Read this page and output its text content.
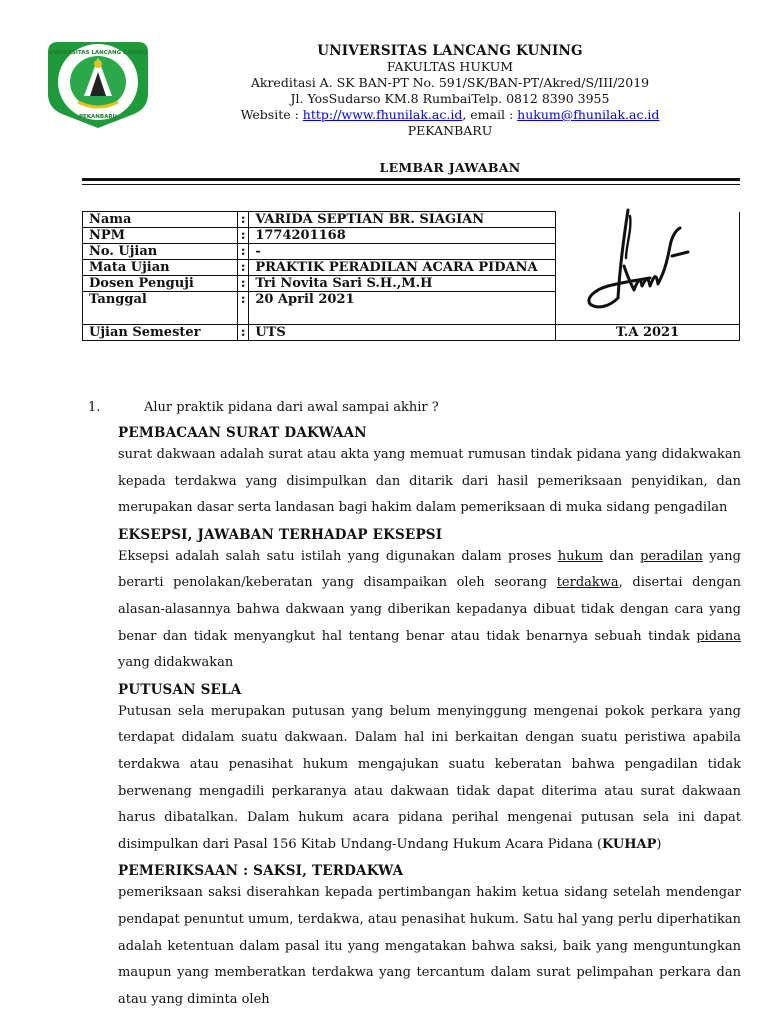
UNIVERSITAS LANCANG KUNING
PEKANBARU
UNIVERSITAS LANCANG KUNING
FAKULTAS HUKUM
Akreditasi A. SK BAN-PT No. 591/SK/BAN-PT/Akred/S/III/2019
Jl. YosSudarso KM.8 RumbaiTelp. 0812 8390 3955
Website : http://www.fhunilak.ac.id, email : hukum@fhunilak.ac.id
PEKANBARU
LEMBAR JAWABAN
Nama	:	VARIDA SEPTIAN BR. SIAGIAN	
NPM	:	1774201168	
No. Ujian	:	-	
Mata Ujian	:	PRAKTIK PERADILAN ACARA PIDANA	
Dosen Penguji	:	Tri Novita Sari S.H.,M.H	
Tanggal	:	20 April 2021	
Ujian Semester	:	UTS	T.A 2021
1.	Alur praktik pidana dari awal sampai akhir ?
PEMBACAAN SURAT DAKWAAN

surat dakwaan adalah surat atau akta yang memuat rumusan tindak pidana yang didakwakan kepada terdakwa yang disimpulkan dan ditarik dari hasil pemeriksaan penyidikan, dan merupakan dasar serta landasan bagi hakim dalam pemeriksaan di muka sidang pengadilan

EKSEPSI, JAWABAN TERHADAP EKSEPSI

Eksepsi adalah salah satu istilah yang digunakan dalam proses hukum dan peradilan yang berarti penolakan/keberatan yang disampaikan oleh seorang terdakwa, disertai dengan alasan-alasannya bahwa dakwaan yang diberikan kepadanya dibuat tidak dengan cara yang benar dan tidak menyangkut hal tentang benar atau tidak benarnya sebuah tindak pidana yang didakwakan

PUTUSAN SELA

Putusan sela merupakan putusan yang belum menyinggung mengenai pokok perkara yang terdapat didalam suatu dakwaan. Dalam hal ini berkaitan dengan suatu peristiwa apabila terdakwa atau penasihat hukum mengajukan suatu keberatan bahwa pengadilan tidak berwenang mengadili perkaranya atau dakwaan tidak dapat diterima atau surat dakwaan harus dibatalkan. Dalam hukum acara pidana perihal mengenai putusan sela ini dapat disimpulkan dari Pasal 156 Kitab Undang-Undang Hukum Acara Pidana (KUHAP)

PEMERIKSAAN : SAKSI, TERDAKWA

pemeriksaan saksi diserahkan kepada pertimbangan hakim ketua sidang setelah mendengar pendapat penuntut umum, terdakwa, atau penasihat hukum. Satu hal yang perlu diperhatikan adalah ketentuan dalam pasal itu yang mengatakan bahwa saksi, baik yang menguntungkan maupun yang memberatkan terdakwa yang tercantum dalam surat pelimpahan perkara dan atau yang diminta oleh
